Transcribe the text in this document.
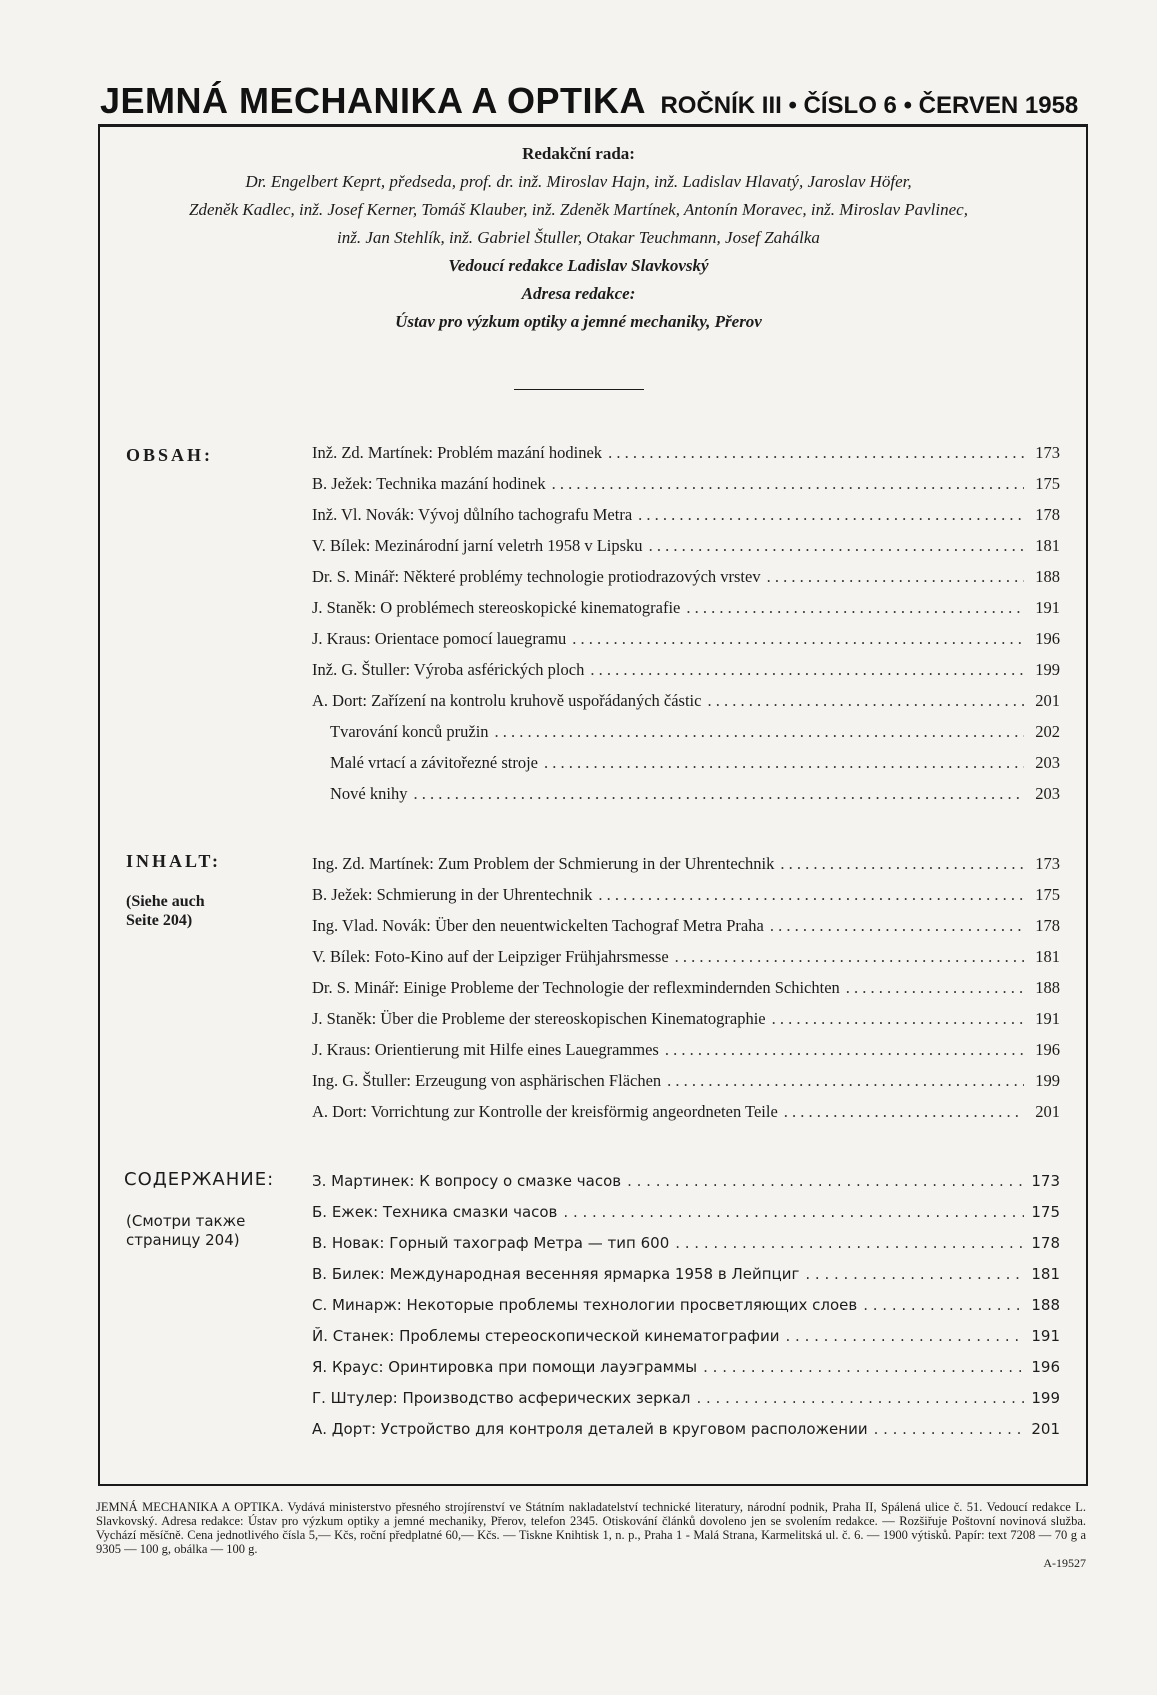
JEMNÁ MECHANIKA A OPTIKA ROČNÍK III • ČÍSLO 6 • ČERVEN 1958
Redakční rada:
Dr. Engelbert Keprt, předseda, prof. dr. inž. Miroslav Hajn, inž. Ladislav Hlavatý, Jaroslav Höfer,
Zdeněk Kadlec, inž. Josef Kerner, Tomáš Klauber, inž. Zdeněk Martínek, Antonín Moravec, inž. Miroslav Pavlinec,
inž. Jan Stehlík, inž. Gabriel Štuller, Otakar Teuchmann, Josef Zahálka
Vedoucí redakce Ladislav Slavkovský
Adresa redakce:
Ústav pro výzkum optiky a jemné mechaniky, Přerov
OBSAH:	Inž. Zd. Martínek: Problém mazání hodinek . . .	173
B. Ježek: Technika mazání hodinek . . .	175
Inž. Vl. Novák: Vývoj důlního tachografu Metra . . .	178
V. Bílek: Mezinárodní jarní veletrh 1958 v Lipsku . . .	181
Dr. S. Minář: Některé problémy technologie protiodrazových vrstev . . .	188
J. Staněk: O problémech stereoskopické kinematografie . . .	191
J. Kraus: Orientace pomocí lauegramu . . .	196
Inž. G. Štuller: Výroba asférických ploch . . .	199
A. Dort: Zařízení na kontrolu kruhově uspořádaných částic . . .	201
Tvarování konců pružin . . .	202
Malé vrtací a závitořezné stroje . . .	203
Nové knihy . . .	203
INHALT:
(Siehe auch Seite 204)
Ing. Zd. Martínek: Zum Problem der Schmierung in der Uhrentechnik . . .	173
B. Ježek: Schmierung in der Uhrentechnik . . .	175
Ing. Vlad. Novák: Über den neuentwickelten Tachograf Metra Praha . . .	178
V. Bílek: Foto-Kino auf der Leipziger Frühjahrsmesse . . .	181
Dr. S. Minář: Einige Probleme der Technologie der reflexmindernden Schichten . . .	188
J. Staněk: Über die Probleme der stereoskopischen Kinematographie . . .	191
J. Kraus: Orientierung mit Hilfe eines Lauegrammes . . .	196
Ing. G. Štuller: Erzeugung von asphärischen Flächen . . .	199
A. Dort: Vorrichtung zur Kontrolle der kreisförmig angeordneten Teile . . .	201
СОДЕРЖАНИЕ:
(Смотри также страницу 204)
З. Мартинек: К вопросу о смазке часов . . .	173
Б. Ежек: Техника смазки часов . . .	175
В. Новак: Горный тахограф Метра — тип 600 . . .	178
В. Билек: Международная весенняя ярмарка 1958 в Лейпциг . . .	181
С. Минарж: Некоторые проблемы технологии просветляющих слоев . . .	188
Й. Станек: Проблемы стереоскопической кинематографии . . .	191
Я. Краус: Оринтировка при помощи лауэграммы . . .	196
Г. Штулер: Производство асферических зеркал . . .	199
А. Дорт: Устройство для контроля деталей в круговом расположении . . .	201
JEMNÁ MECHANIKA A OPTIKA. Vydává ministerstvo přesného strojírenství ve Státním nakladatelství technické literatury, národní podnik, Praha II, Spálená ulice č. 51. Vedoucí redakce L. Slavkovský. Adresa redakce: Ústav pro výzkum optiky a jemné mechaniky, Přerov, telefon 2345. Otiskování článků dovoleno jen se svolením redakce. — Rozšiřuje Poštovní novinová služba. Vychází měsíčně. Cena jednotlivého čísla 5,— Kčs, roční předplatné 60,— Kčs. — Tiskne Knihtisk 1, n. p., Praha 1 - Malá Strana, Karmelitská ul. č. 6. — 1900 výtisků. Papír: text 7208 — 70 g a 9305 — 100 g, obálka — 100 g.
A-19527
